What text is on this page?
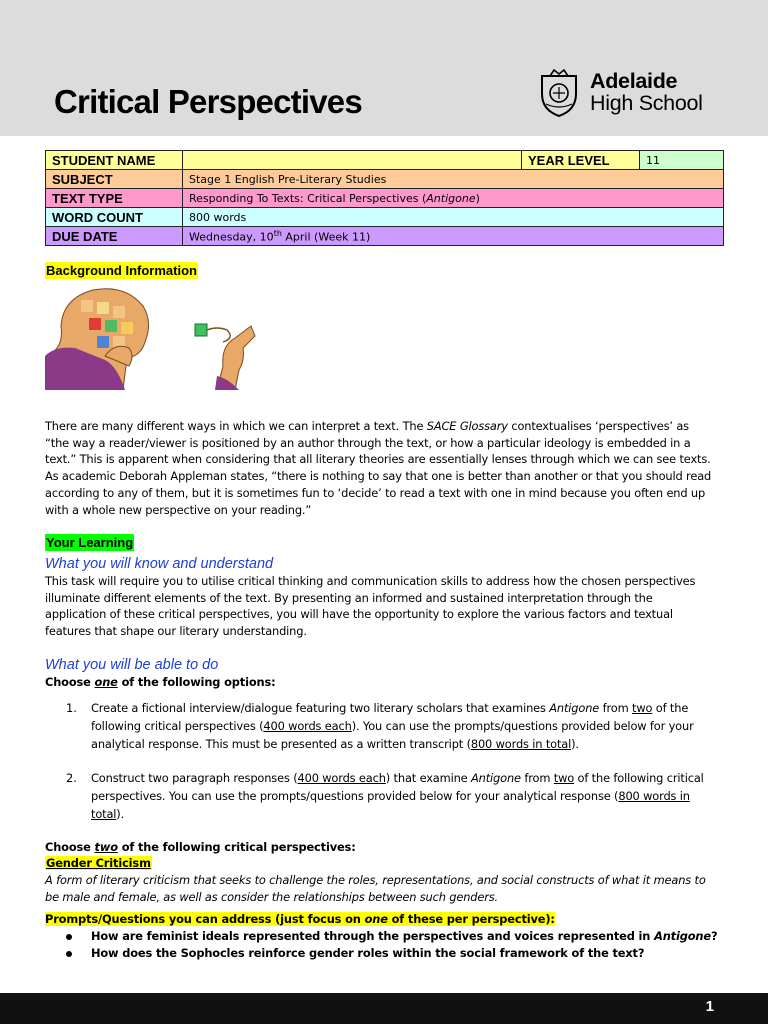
Critical Perspectives
Adelaide
High School
STUDENT NAME		YEAR LEVEL	11
SUBJECT	Stage 1 English Pre-Literary Studies		
TEXT TYPE	Responding To Texts: Critical Perspectives (Antigone)		
WORD COUNT	800 words		
DUE DATE	Wednesday, 10th April (Week 11)		
Background Information
There are many different ways in which we can interpret a text. The SACE Glossary contextualises ‘perspectives’ as “the way a reader/viewer is positioned by an author through the text, or how a particular ideology is embedded in a text.” This is apparent when considering that all literary theories are essentially lenses through which we can see texts. As academic Deborah Appleman states, “there is nothing to say that one is better than another or that you should read according to any of them, but it is sometimes fun to ‘decide’ to read a text with one in mind because you often end up with a whole new perspective on your reading.”
Your Learning
What you will know and understand
This task will require you to utilise critical thinking and communication skills to address how the chosen perspectives illuminate different elements of the text. By presenting an informed and sustained interpretation through the application of these critical perspectives, you will have the opportunity to explore the various factors and textual features that shape our literary understanding.
What you will be able to do
Choose one of the following options:
1. Create a fictional interview/dialogue featuring two literary scholars that examines Antigone from two of the following critical perspectives (400 words each). You can use the prompts/questions provided below for your analytical response. This must be presented as a written transcript (800 words in total).
2. Construct two paragraph responses (400 words each) that examine Antigone from two of the following critical perspectives. You can use the prompts/questions provided below for your analytical response (800 words in total).
Choose two of the following critical perspectives:
Gender Criticism
A form of literary criticism that seeks to challenge the roles, representations, and social constructs of what it means to be male and female, as well as consider the relationships between such genders.
Prompts/Questions you can address (just focus on one of these per perspective):
How are feminist ideals represented through the perspectives and voices represented in Antigone?
How does the Sophocles reinforce gender roles within the social framework of the text?
1
